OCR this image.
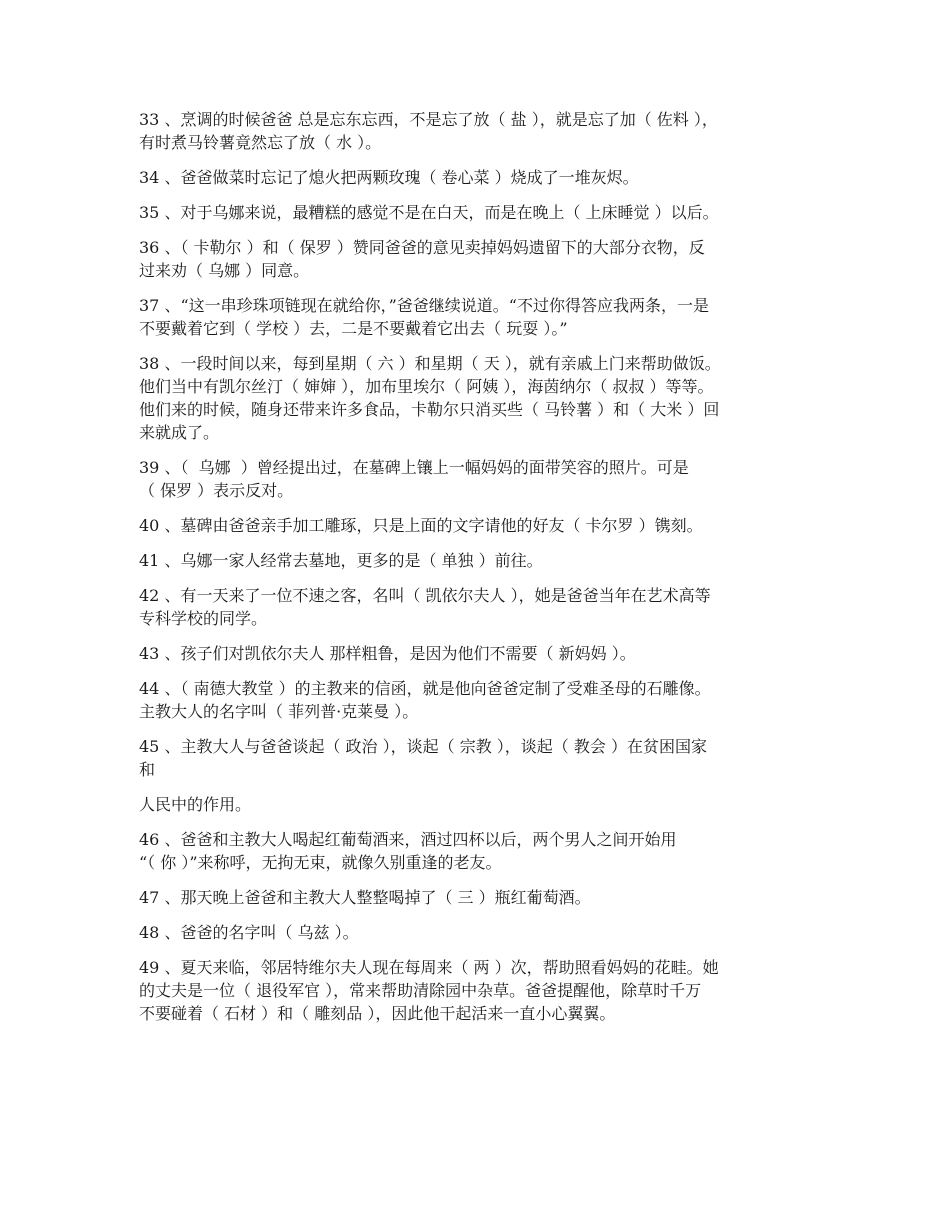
33 、烹调的时候爸爸 总是忘东忘西，不是忘了放（ 盐 ），就是忘了加（ 佐料 ），
有时煮马铃薯竟然忘了放（ 水 ）。
34 、爸爸做菜时忘记了熄火把两颗玫瑰（ 卷心菜 ）烧成了一堆灰烬。
35 、对于乌娜来说，最糟糕的感觉不是在白天，而是在晚上（ 上床睡觉 ）以后。
36 、（ 卡勒尔 ）和（ 保罗 ）赞同爸爸的意见卖掉妈妈遗留下的大部分衣物，反
过来劝（ 乌娜 ）同意。
37 、“这一串珍珠项链现在就给你，”爸爸继续说道。“不过你得答应我两条，一是
不要戴着它到（ 学校 ）去，二是不要戴着它出去（ 玩耍 ）。”
38 、一段时间以来，每到星期（ 六 ）和星期（ 天 ），就有亲戚上门来帮助做饭。
他们当中有凯尔丝汀（ 婶婶 ），加布里埃尔（ 阿姨 ），海茵纳尔（ 叔叔 ）等等。
他们来的时候，随身还带来许多食品，卡勒尔只消买些（ 马铃薯 ）和（ 大米 ）回
来就成了。
39 、（  乌娜  ）曾经提出过，在墓碑上镶上一幅妈妈的面带笑容的照片。可是
（ 保罗 ）表示反对。
40 、墓碑由爸爸亲手加工雕琢，只是上面的文字请他的好友（ 卡尔罗 ）镌刻。
41 、乌娜一家人经常去墓地，更多的是（ 单独 ）前往。
42 、有一天来了一位不速之客，名叫（ 凯依尔夫人 ），她是爸爸当年在艺术高等
专科学校的同学。
43 、孩子们对凯依尔夫人 那样粗鲁，是因为他们不需要（ 新妈妈 ）。
44 、（ 南德大教堂 ）的主教来的信函，就是他向爸爸定制了受难圣母的石雕像。
主教大人的名字叫（ 菲列普·克莱曼 ）。
45 、主教大人与爸爸谈起（ 政治 ），谈起（ 宗教 ），谈起（ 教会 ）在贫困国家
和
人民中的作用。
46 、爸爸和主教大人喝起红葡萄酒来，酒过四杯以后，两个男人之间开始用
“（ 你 ）”来称呼，无拘无束，就像久别重逢的老友。
47 、那天晚上爸爸和主教大人整整喝掉了（ 三 ）瓶红葡萄酒。
48 、爸爸的名字叫（ 乌兹 ）。
49 、夏天来临，邻居特维尔夫人现在每周来（ 两 ）次，帮助照看妈妈的花畦。她
的丈夫是一位（ 退役军官 ），常来帮助清除园中杂草。爸爸提醒他，除草时千万
不要碰着（ 石材 ）和（ 雕刻品 ），因此他干起活来一直小心翼翼。
